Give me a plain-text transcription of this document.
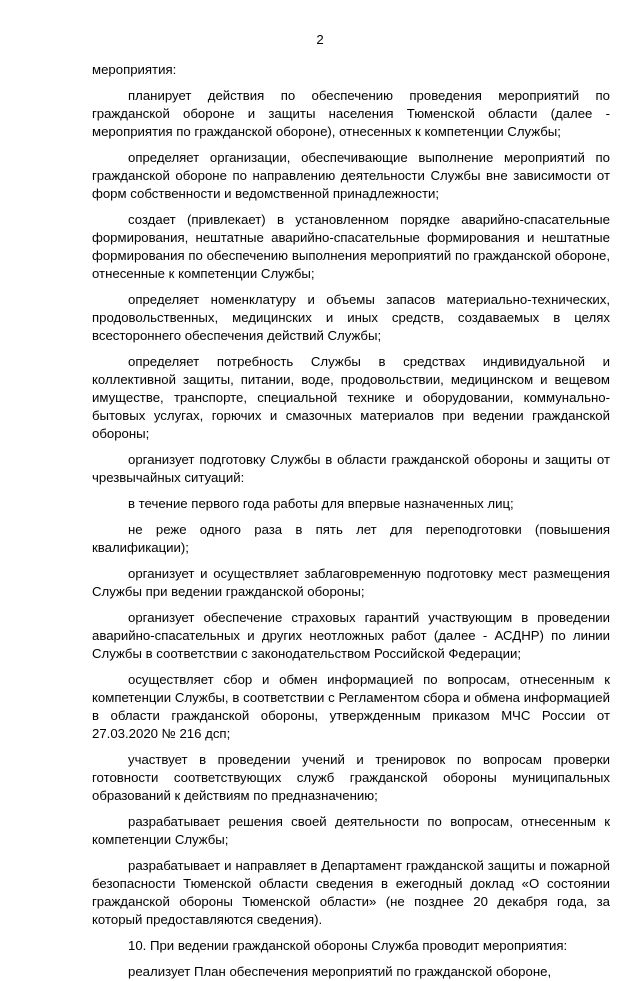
2

мероприятия:

планирует действия по обеспечению проведения мероприятий по гражданской обороне и защиты населения Тюменской области (далее - мероприятия по гражданской обороне), отнесенных к компетенции Службы;

определяет организации, обеспечивающие выполнение мероприятий по гражданской обороне по направлению деятельности Службы вне зависимости от форм собственности и ведомственной принадлежности;

создает (привлекает) в установленном порядке аварийно-спасательные формирования, нештатные аварийно-спасательные формирования и нештатные формирования по обеспечению выполнения мероприятий по гражданской обороне, отнесенные к компетенции Службы;

определяет номенклатуру и объемы запасов материально-технических, продовольственных, медицинских и иных средств, создаваемых в целях всестороннего обеспечения действий Службы;

определяет потребность Службы в средствах индивидуальной и коллективной защиты, питании, воде, продовольствии, медицинском и вещевом имуществе, транспорте, специальной технике и оборудовании, коммунально-бытовых услугах, горючих и смазочных материалов при ведении гражданской обороны;

организует подготовку Службы в области гражданской обороны и защиты от чрезвычайных ситуаций:

в течение первого года работы для впервые назначенных лиц;

не реже одного раза в пять лет для переподготовки (повышения квалификации);

организует и осуществляет заблаговременную подготовку мест размещения Службы при ведении гражданской обороны;

организует обеспечение страховых гарантий участвующим в проведении аварийно-спасательных и других неотложных работ (далее - АСДНР) по линии Службы в соответствии с законодательством Российской Федерации;

осуществляет сбор и обмен информацией по вопросам, отнесенным к компетенции Службы, в соответствии с Регламентом сбора и обмена информацией в области гражданской обороны, утвержденным приказом МЧС России от 27.03.2020 № 216 дсп;

участвует в проведении учений и тренировок по вопросам проверки готовности соответствующих служб гражданской обороны муниципальных образований к действиям по предназначению;

разрабатывает решения своей деятельности по вопросам, отнесенным к компетенции Службы;

разрабатывает и направляет в Департамент гражданской защиты и пожарной безопасности Тюменской области сведения в ежегодный доклад «О состоянии гражданской обороны Тюменской области» (не позднее 20 декабря года, за который предоставляются сведения).

10. При ведении гражданской обороны Служба проводит мероприятия:

реализует План обеспечения мероприятий по гражданской обороне,
